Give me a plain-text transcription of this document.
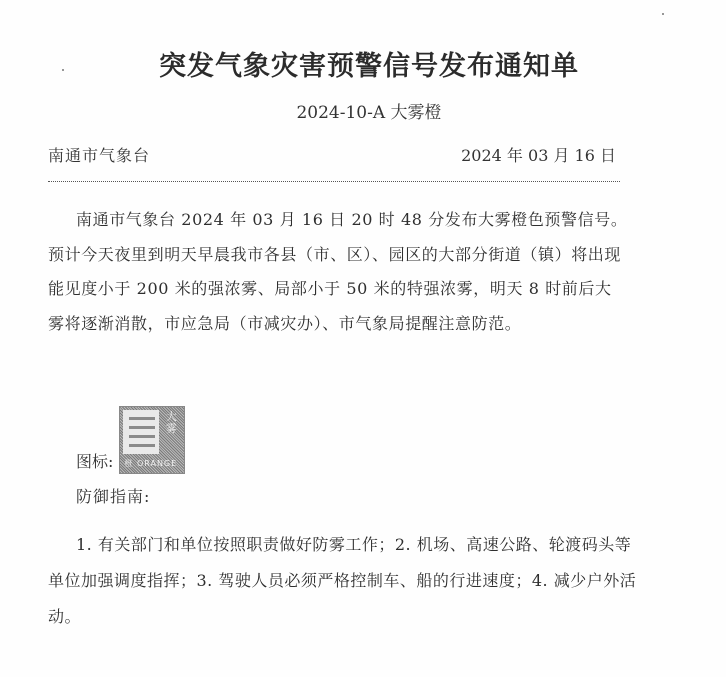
突发气象灾害预警信号发布通知单
2024-10-A 大雾橙
南通市气象台	2024 年 03 月 16 日

南通市气象台 2024 年 03 月 16 日 20 时 48 分发布大雾橙色预警信号。预计今天夜里到明天早晨我市各县（市、区）、园区的大部分街道（镇）将出现能见度小于 200 米的强浓雾、局部小于 50 米的特强浓雾，明天 8 时前后大雾将逐渐消散，市应急局（市减灾办）、市气象局提醒注意防范。

图标:
大雾
橙 ORANGE
防御指南:

1. 有关部门和单位按照职责做好防雾工作；2. 机场、高速公路、轮渡码头等单位加强调度指挥；3. 驾驶人员必须严格控制车、船的行进速度；4. 减少户外活动。
